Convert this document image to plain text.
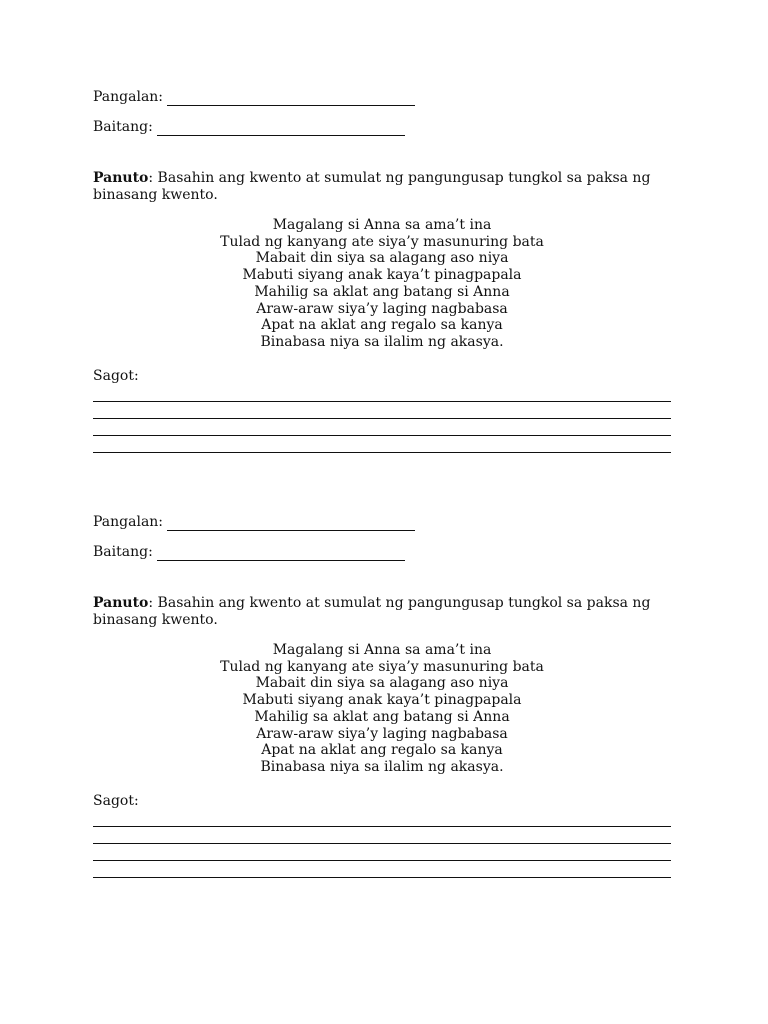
Pangalan:
Baitang:
Panuto: Basahin ang kwento at sumulat ng pangungusap tungkol sa paksa ng binasang kwento.
Magalang si Anna sa ama’t ina
Tulad ng kanyang ate siya’y masunuring bata
Mabait din siya sa alagang aso niya
Mabuti siyang anak kaya’t pinagpapala
Mahilig sa aklat ang batang si Anna
Araw-araw siya’y laging nagbabasa
Apat na aklat ang regalo sa kanya
Binabasa niya sa ilalim ng akasya.
Sagot:
Pangalan:
Baitang:
Panuto: Basahin ang kwento at sumulat ng pangungusap tungkol sa paksa ng binasang kwento.
Magalang si Anna sa ama’t ina
Tulad ng kanyang ate siya’y masunuring bata
Mabait din siya sa alagang aso niya
Mabuti siyang anak kaya’t pinagpapala
Mahilig sa aklat ang batang si Anna
Araw-araw siya’y laging nagbabasa
Apat na aklat ang regalo sa kanya
Binabasa niya sa ilalim ng akasya.
Sagot:
